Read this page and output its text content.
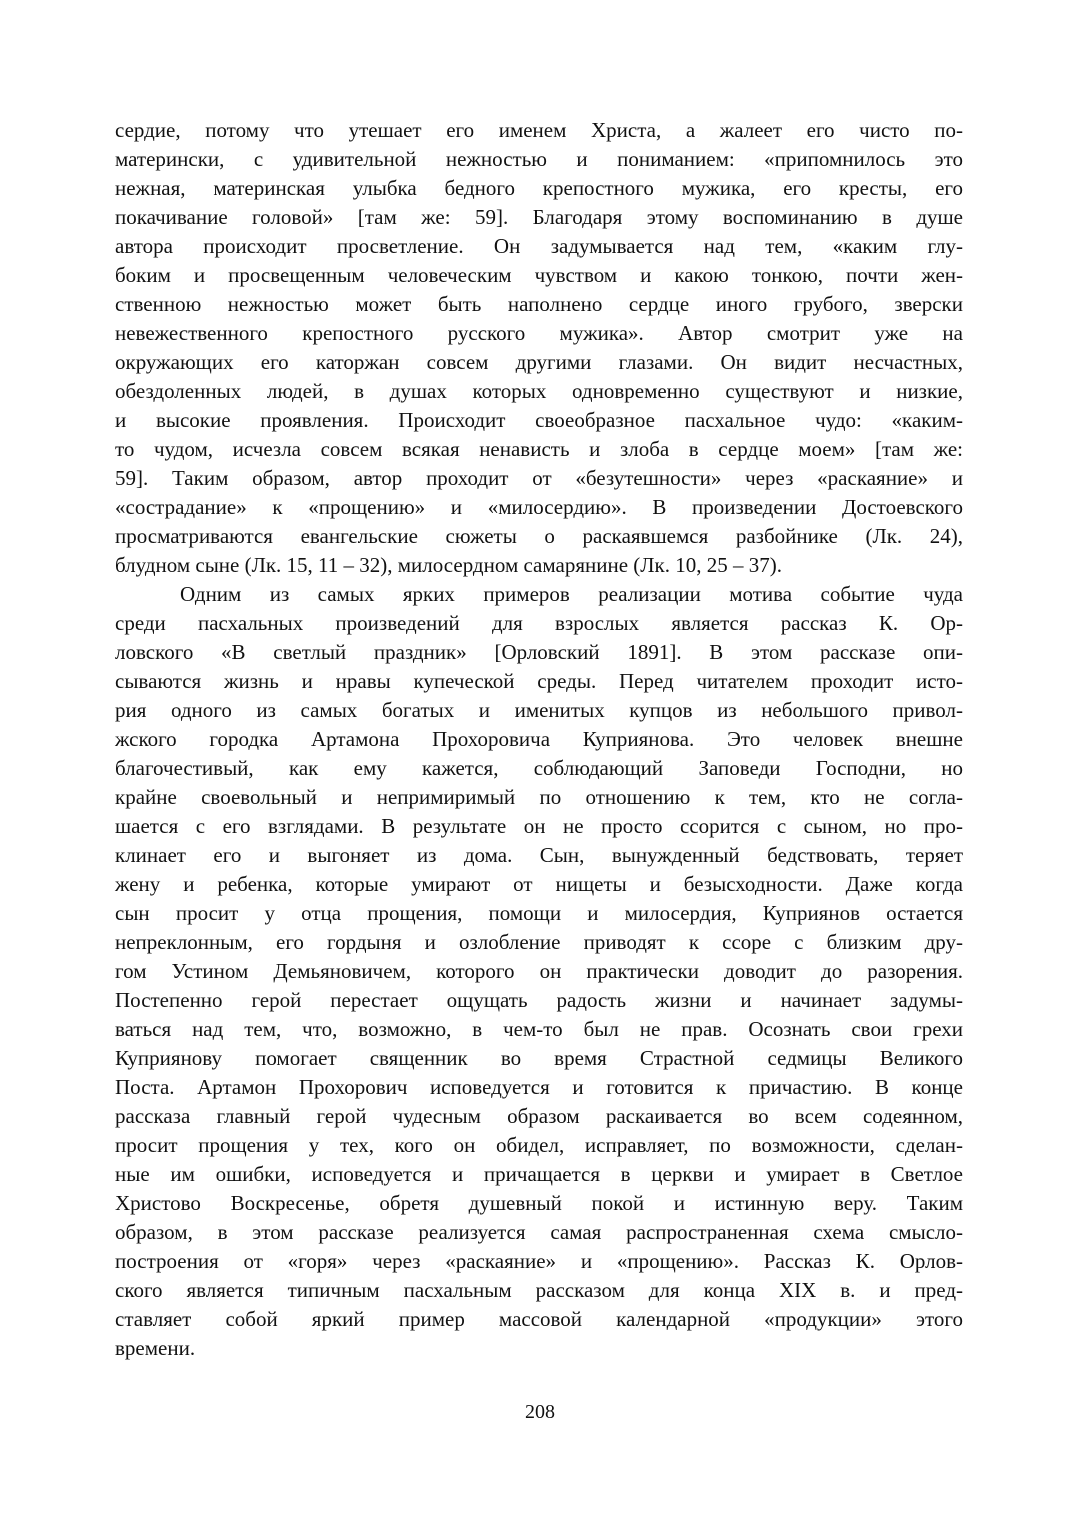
сердие, потому что утешает его именем Христа, а жалеет его чисто по-
матерински, с удивительной нежностью и пониманием: «припомнилось это
нежная, материнская улыбка бедного крепостного мужика, его кресты, его
покачивание головой» [там же: 59]. Благодаря этому воспоминанию в душе
автора происходит просветление. Он задумывается над тем, «каким глу-
боким и просвещенным человеческим чувством и какою тонкою, почти жен-
ственною нежностью может быть наполнено сердце иного грубого, зверски
невежественного крепостного русского мужика». Автор смотрит уже на
окружающих его каторжан совсем другими глазами. Он видит несчастных,
обездоленных людей, в душах которых одновременно существуют и низкие,
и высокие проявления. Происходит своеобразное пасхальное чудо: «каким-
то чудом, исчезла совсем всякая ненависть и злоба в сердце моем» [там же:
59]. Таким образом, автор проходит от «безутешности» через «раскаяние» и
«сострадание» к «прощению» и «милосердию». В произведении Достоевского
просматриваются евангельские сюжеты о раскаявшемся разбойнике (Лк. 24),
блудном сыне (Лк. 15, 11 – 32), милосердном самарянине (Лк. 10, 25 – 37).
Одним из самых ярких примеров реализации мотива событие чуда
среди пасхальных произведений для взрослых является рассказ К. Ор-
ловского «В светлый праздник» [Орловский 1891]. В этом рассказе опи-
сываются жизнь и нравы купеческой среды. Перед читателем проходит исто-
рия одного из самых богатых и именитых купцов из небольшого привол-
жского городка Артамона Прохоровича Куприянова. Это человек внешне
благочестивый, как ему кажется, соблюдающий Заповеди Господни, но
крайне своевольный и непримиримый по отношению к тем, кто не согла-
шается с его взглядами. В результате он не просто ссорится с сыном, но про-
клинает его и выгоняет из дома. Сын, вынужденный бедствовать, теряет
жену и ребенка, которые умирают от нищеты и безысходности. Даже когда
сын просит у отца прощения, помощи и милосердия, Куприянов остается
непреклонным, его гордыня и озлобление приводят к ссоре с близким дру-
гом Устином Демьяновичем, которого он практически доводит до разорения.
Постепенно герой перестает ощущать радость жизни и начинает задумы-
ваться над тем, что, возможно, в чем-то был не прав. Осознать свои грехи
Куприянову помогает священник во время Страстной седмицы Великого
Поста. Артамон Прохорович исповедуется и готовится к причастию. В конце
рассказа главный герой чудесным образом раскаивается во всем содеянном,
просит прощения у тех, кого он обидел, исправляет, по возможности, сделан-
ные им ошибки, исповедуется и причащается в церкви и умирает в Светлое
Христово Воскресенье, обретя душевный покой и истинную веру. Таким
образом, в этом рассказе реализуется самая распространенная схема смысло-
построения от «горя» через «раскаяние» и «прощению». Рассказ К. Орлов-
ского является типичным пасхальным рассказом для конца XIX в. и пред-
ставляет собой яркий пример массовой календарной «продукции» этого
времени.
208
